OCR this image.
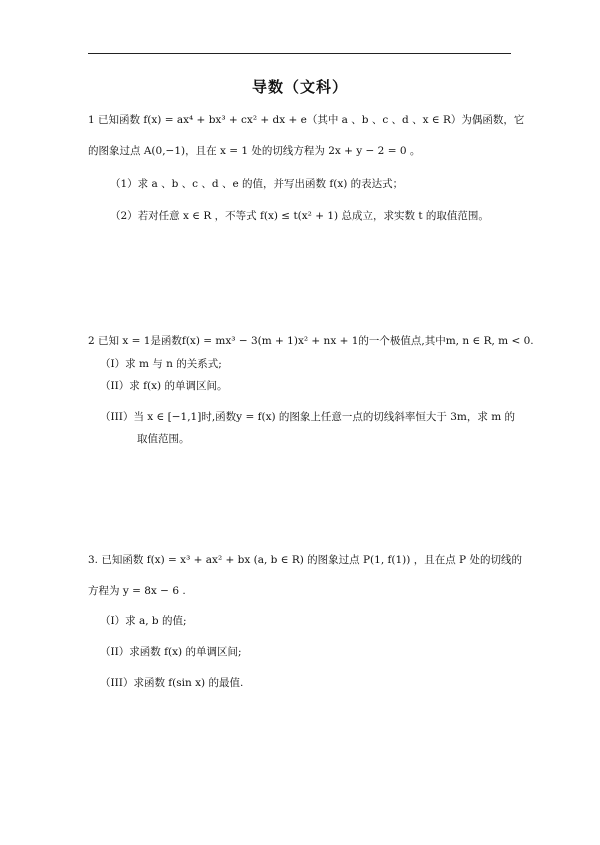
导数（文科）
1 已知函数 f(x) = ax⁴ + bx³ + cx² + dx + e（其中 a 、b 、c 、d 、x ∈ R）为偶函数，它
的图象过点 A(0,−1)，且在 x = 1 处的切线方程为 2x + y − 2 = 0 。
（1）求 a 、b 、c 、d 、e 的值，并写出函数 f(x) 的表达式；
（2）若对任意 x ∈ R ，不等式 f(x) ≤ t(x² + 1) 总成立，求实数 t 的取值范围。
2 已知 x = 1是函数f(x) = mx³ − 3(m + 1)x² + nx + 1的一个极值点,其中m, n ∈ R, m < 0.
（I）求 m 与 n 的关系式;
（II）求 f(x) 的单调区间。
（III）当 x ∈ [−1,1]时,函数y = f(x) 的图象上任意一点的切线斜率恒大于 3m，求 m 的
取值范围。
3. 已知函数 f(x) = x³ + ax² + bx (a, b ∈ R) 的图象过点 P(1, f(1)) ，且在点 P 处的切线的
方程为 y = 8x − 6 .
（I）求 a, b 的值;
（II）求函数 f(x) 的单调区间;
（III）求函数 f(sin x) 的最值.
